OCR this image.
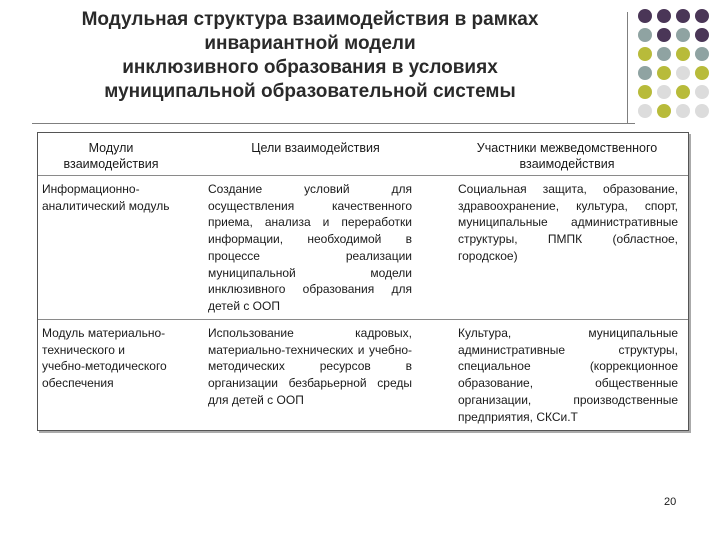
Модульная структура взаимодействия в рамках
инвариантной модели
инклюзивного образования в условиях
муниципальной образовательной системы
Модули взаимодействия
Цели взаимодействия	Участники межведомственного взаимодействия
Информационно-аналитический модуль
Создание условий для осуществления качественного приема, анализа и переработки информации, необходимой в процессе реализации муниципальной модели инклюзивного образования для детей с ООП
Социальная защита, образование, здравоохранение, культура, спорт, муниципальные административные структуры, ПМПК (областное, городское)
Модуль материально-технического и учебно-методического обеспечения
Использование кадровых, материально-технических и учебно-методических ресурсов в организации безбарьерной среды для детей с ООП
Культура, муниципальные административные структуры, специальное (коррекционное образование, общественные организации, производственные предприятия, СКСи.Т
20
